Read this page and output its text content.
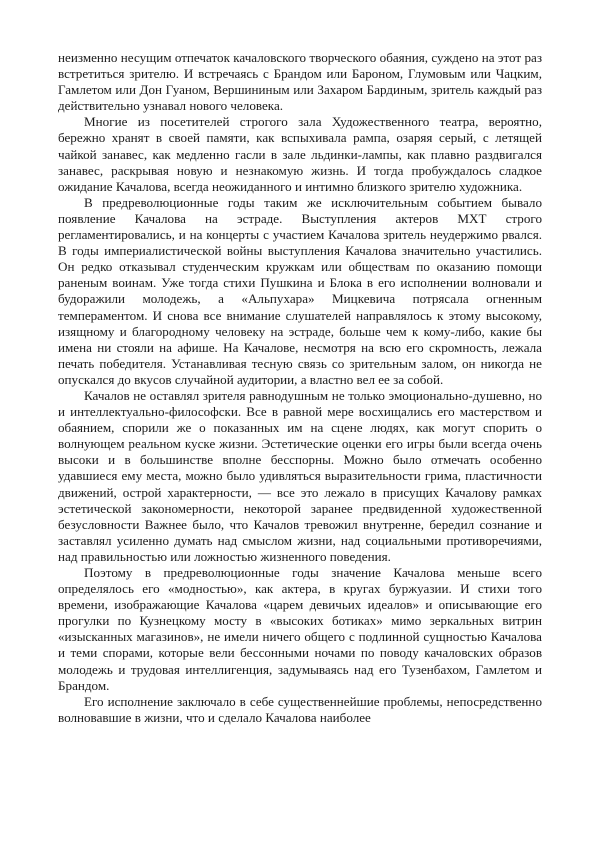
неизменно несущим отпечаток качаловского творческого обаяния, суждено на этот раз встретиться зрителю. И встречаясь с Брандом или Бароном, Глумовым или Чацким, Гамлетом или Дон Гуаном, Вершининым или Захаром Бардиным, зритель каждый раз действительно узнавал нового человека.

Многие из посетителей строгого зала Художественного театра, вероятно, бережно хранят в своей памяти, как вспыхивала рампа, озаряя серый, с летящей чайкой занавес, как медленно гасли в зале льдинки-лампы, как плавно раздвигался занавес, раскрывая новую и незнакомую жизнь. И тогда пробуждалось сладкое ожидание Качалова, всегда неожиданного и интимно близкого зрителю художника.

В предреволюционные годы таким же исключительным событием бывало появление Качалова на эстраде. Выступления актеров МХТ строго регламентировались, и на концерты с участием Качалова зритель неудержимо рвался. В годы империалистической войны выступления Качалова значительно участились. Он редко отказывал студенческим кружкам или обществам по оказанию помощи раненым воинам. Уже тогда стихи Пушкина и Блока в его исполнении волновали и будоражили молодежь, а «Альпухара» Мицкевича потрясала огненным темпераментом. И снова все внимание слушателей направлялось к этому высокому, изящному и благородному человеку на эстраде, больше чем к кому-либо, какие бы имена ни стояли на афише. На Качалове, несмотря на всю его скромность, лежала печать победителя. Устанавливая тесную связь со зрительным залом, он никогда не опускался до вкусов случайной аудитории, а властно вел ее за собой.

Качалов не оставлял зрителя равнодушным не только эмоционально-душевно, но и интеллектуально-философски. Все в равной мере восхищались его мастерством и обаянием, спорили же о показанных им на сцене людях, как могут спорить о волнующем реальном куске жизни. Эстетические оценки его игры были всегда очень высоки и в большинстве вполне бесспорны. Можно было отмечать особенно удавшиеся ему места, можно было удивляться выразительности грима, пластичности движений, острой характерности, — все это лежало в присущих Качалову рамках эстетической закономерности, некоторой заранее предвиденной художественной безусловности Важнее было, что Качалов тревожил внутренне, бередил сознание и заставлял усиленно думать над смыслом жизни, над социальными противоречиями, над правильностью или ложностью жизненного поведения.

Поэтому в предреволюционные годы значение Качалова меньше всего определялось его «модностью», как актера, в кругах буржуазии. И стихи того времени, изображающие Качалова «царем девичьих идеалов» и описывающие его прогулки по Кузнецкому мосту в «высоких ботиках» мимо зеркальных витрин «изысканных магазинов», не имели ничего общего с подлинной сущностью Качалова и теми спорами, которые вели бессонными ночами по поводу качаловских образов молодежь и трудовая интеллигенция, задумываясь над его Тузенбахом, Гамлетом и Брандом.

Его исполнение заключало в себе существеннейшие проблемы, непосредственно волновавшие в жизни, что и сделало Качалова наиболее
